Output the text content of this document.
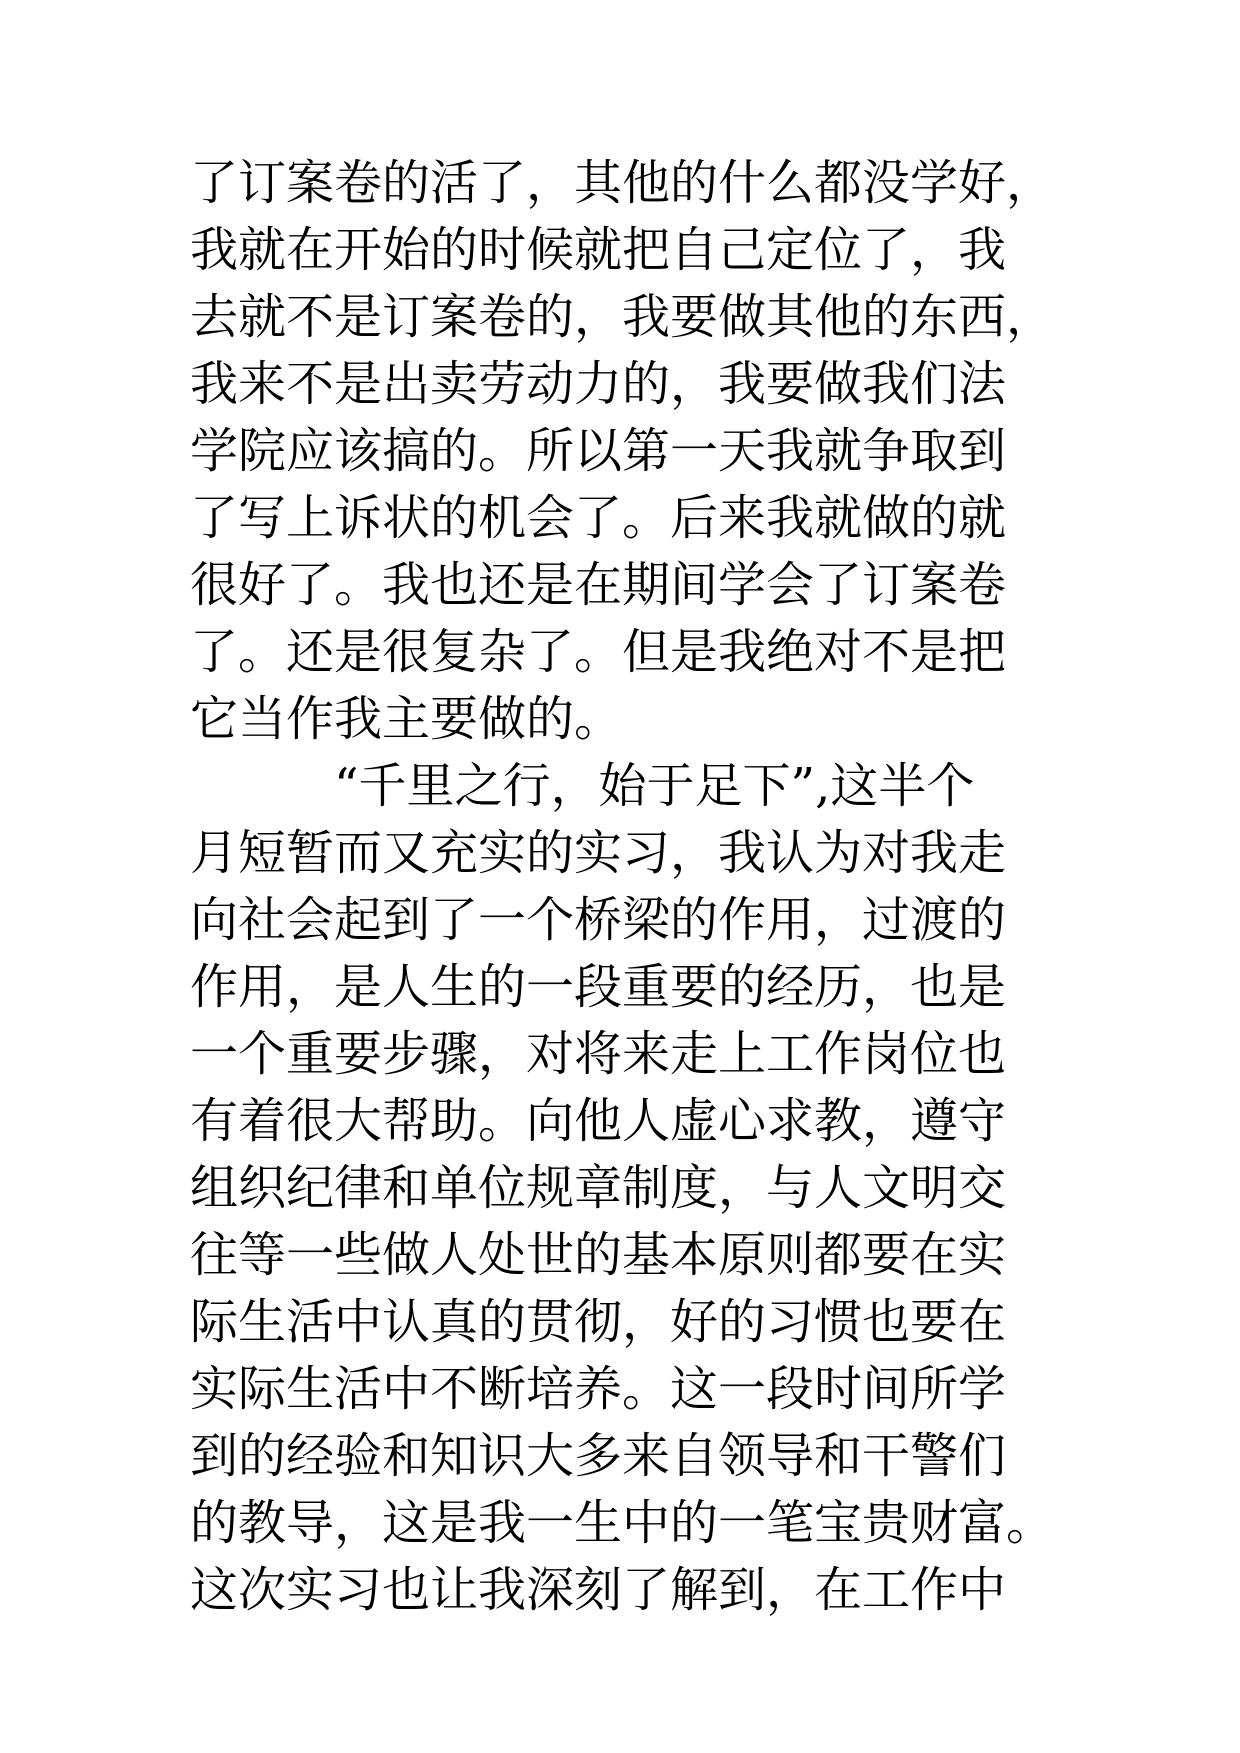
了订案卷的活了，其他的什么都没学好，
我就在开始的时候就把自己定位了，我
去就不是订案卷的，我要做其他的东西，
我来不是出卖劳动力的，我要做我们法
学院应该搞的。所以第一天我就争取到
了写上诉状的机会了。后来我就做的就
很好了。我也还是在期间学会了订案卷
了。还是很复杂了。但是我绝对不是把
它当作我主要做的。
“千里之行，始于足下”,这半个
月短暂而又充实的实习，我认为对我走
向社会起到了一个桥梁的作用，过渡的
作用，是人生的一段重要的经历，也是
一个重要步骤，对将来走上工作岗位也
有着很大帮助。向他人虚心求教，遵守
组织纪律和单位规章制度，与人文明交
往等一些做人处世的基本原则都要在实
际生活中认真的贯彻，好的习惯也要在
实际生活中不断培养。这一段时间所学
到的经验和知识大多来自领导和干警们
的教导，这是我一生中的一笔宝贵财富。
这次实习也让我深刻了解到，在工作中
